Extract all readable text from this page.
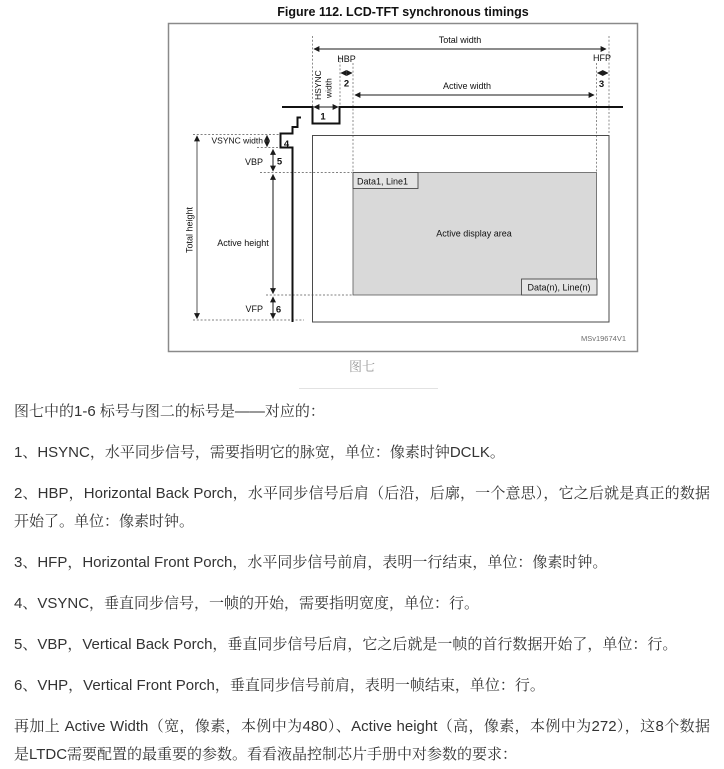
Figure 112. LCD-TFT synchronous timings
Total width
HBP	HFP
Active width
HSYNC width
VSYNC width
VBP
Total height	Active height
VFP
Data1, Line1
Data(n), Line(n)
Active display area
MSv19674V1
1
2	3
4
5
6
图七

图七中的1-6 标号与图二的标号是——对应的：

1、HSYNC，水平同步信号，需要指明它的脉宽，单位：像素时钟DCLK。

2、HBP，Horizontal Back Porch，水平同步信号后肩（后沿，后廓，一个意思），它之后就是真正的数据开始了。单位：像素时钟。

3、HFP，Horizontal Front Porch，水平同步信号前肩，表明一行结束，单位：像素时钟。

4、VSYNC，垂直同步信号，一帧的开始，需要指明宽度，单位：行。

5、VBP，Vertical Back Porch，垂直同步信号后肩，它之后就是一帧的首行数据开始了，单位：行。

6、VHP，Vertical Front Porch，垂直同步信号前肩，表明一帧结束，单位：行。

再加上 Active Width（宽，像素，本例中为480）、Active height（高，像素，本例中为272），这8个数据是LTDC需要配置的最重要的参数。看看液晶控制芯片手册中对参数的要求：
